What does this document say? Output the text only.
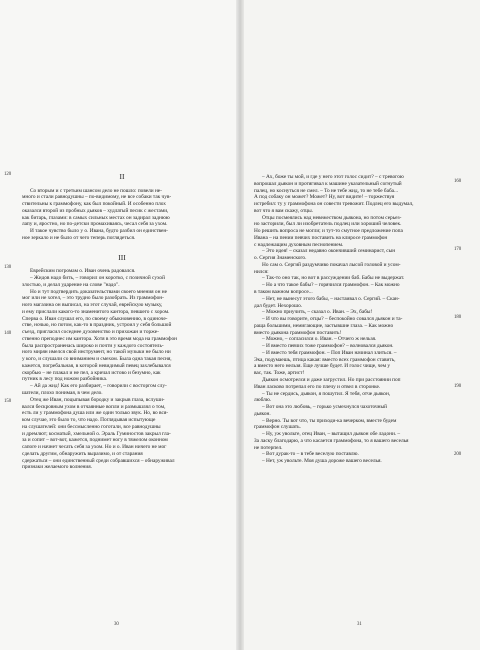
120
130
140
150
II
Со вторым и с третьим шансом дело не пошло: повели не-
много и стали равнодушны – по-видимому, не все собаки так чув-
ствительны к граммофону, как был покойный. И особенно плох
оказался второй из пробных дьяков – худлатый песик с жестами,
как битарь, глазами: в самых сильных местах он задирал заднюю
лапу и, яростно, но по-детски промахиваясь, чесал себя за ухом.
И такое чувство было у о. Ивана, будто разбил он единствен-
ное зеркало и не было от чего теперь поглядеться.
III
Еврейским погромам о. Иван очень радовался.
– Жидов надо бить, – говорил он коротко, с позичной сухой
злостью, и делал ударение на слове "надо".
Но и тут подтвердить доказательствами своего мнения он не
мог или не хотел, – это трудно было разобрать. Из граммофон-
ного магазина он выписал, на этот случай, еврейскую музыку,
и ему прислали какого-то знаменитого кантора, певшего с хором.
Сперва о. Иван слушал его, по своему обыкновению, в одиноче-
стве, ночью, но потом, как-то в праздник, устроил у себя большой
съезд, пригласил соседнее духовенство и прихожан и торже-
ственно преподнес им кантора. Хотя в это время мода на граммофон
была распространенась широко и почти у каждого состоятель-
ного мирян имелся свой инструмент, но такой музыки не было ни
у кого, и слушали со вниманием и смехом. Была одна такая песня,
кажется, погребальная, в которой невидимый певец захлебывался
скорбью – не плакал и не пел, а кричал истово и безумно, как
путник в лесу под ножом разбойника.
– Ай да жид! Как его разбирает, – говорили с восторгом слу-
шатели, плохо понимая, в чем дело.
Отец же Иван, поцыпывая бородку и закрыв глаза, вслуши-
вался бескровным ухом в отчаянные вопли и размышлял о том,
есть ли у граммофона душа или же один только звук. Но, во вся-
ком случае, это было то, что надо. Поглядывая испытующе
на слушателей: они бессмысленно гоготали, все равнодушны
и дремлют; косматый, хмельной о. Эраль Гуминостов закрыл гла-
за и сопит – вот-вот, кажется, поднимет ногу в тяжелом оконном
сапоге и начнет чесать себя за ухом. Но и о. Иван ничего не мог
сделать другим, обнаружить выразимо, и от старания
сдержаться – они единственный среди собравшихся – обнаруживал
признаки желаемого волнения.
30
160
170
180
190
200
– Ах, боже ты мой, и где у него этот голос сидит? – с тревогою
вопрошал дьякон и протягивал к машине указательный согнутый
палец, но коснуться не смел. – То не тебе жид, то не тебе баба...
А под собаку он может? Может? Ну, вот видите! – торжествуя
истребил: ту у граммофона он совести тревожит. Подлец его выдумал,
вот что я вам скажу, отцы.
Отцы посмеялись над невежеством дьякона, но потом серьез-
но засторили, был ли изобретатель подлец или хороший человек.
Но решить вопроса не могли; и тут-то смутное предложение попа
Ивана – на пении певчих поставить на клиросе граммофон
с надлежащим духовным песнопением.
– Это идея! – сказал недавно окончивший семинарист, сын
о. Сергия Знаменского.
Но сам о. Сергий раздумчиво покачал лысой головой и усом-
нился:
– Так-то оно так, но вот в рассуждении баб. Бабы не выдержат.
– Но а что такое бабы? – горячился граммофон. – Как можно
в таком важном вопросе...
– Нет, не вынесут этого бабы, – настаивал о. Сергий. – Скан-
дал будет. Нехорошо.
– Можно приучить, – сказал о. Иван. – Эх, бабы!
– И что вы говорите, отцы? – беспокойно совался дьякон и та-
раща большими, немигающие, застывшие глаза. – Как можно
вместо дьякона граммофон поставить!
– Можно, – согласился о. Иван. – Отчего ж нельзя.
– И вместо певчих тоже граммофон? – волновался дьякон.
– И вместо тебя граммофон. – Поп Иван начинал злиться. –
Эка, подумаешь, птица какая: вместо всех граммофон ставить,
а вместо него нельзя. Еще лучше будет. И голос чище, чем у
вас, так. Тоже, артист!
Дьякон осмотрелся и даже загрустил. Но при расстоянии поп
Иван ласково потрепал его по плечу и отвел в сторонке.
– Ты не сердись, дьякон, я пошутил. Я тебя, отче дьякон,
люблю.
– Вот она это любовь, – горько усмехнулся чахоточный
дьякон.
– Верно. Ты вот что, ты приходи-ка вечерком, вместе будем
граммофон слушать.
– Ну, уж увольте, отец Иван, – вытащил дьякон обе ладони. –
За ласку благодарю, а что касается граммофона, то я вашего веселья
не потерпел.
– Вот дурак-то – в тебе веселую поставлю.
– Нет, уж увольте. Моя душа дороже вашего веселья.
31
